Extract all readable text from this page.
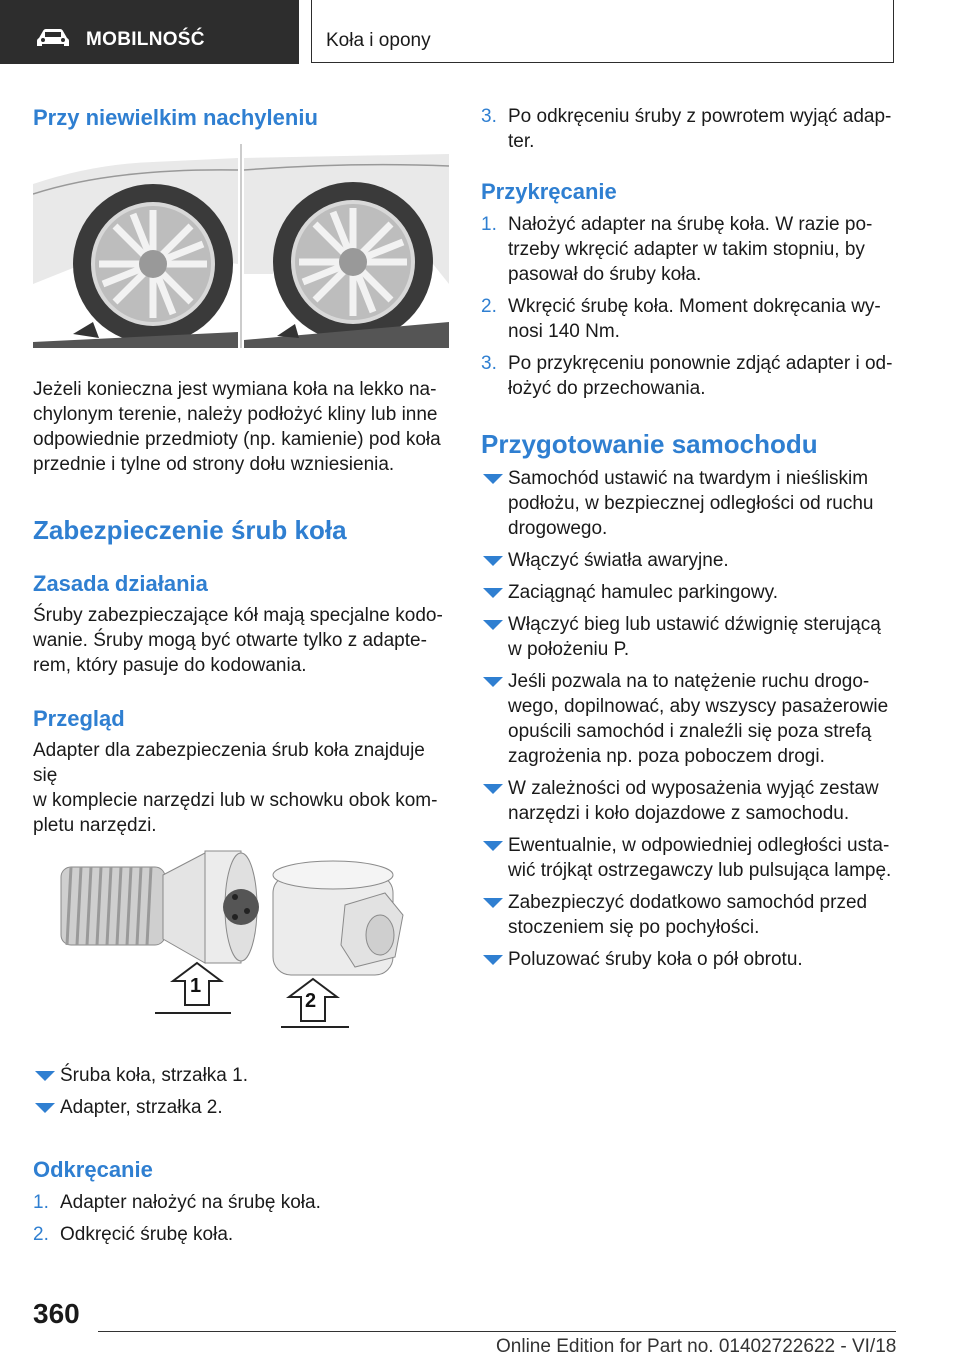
MOBILNOŚĆ	Koła i opony
Przy niewielkim nachyleniu

Jeżeli konieczna jest wymiana koła na lekko na-

chylonym terenie, należy podłożyć kliny lub inne

odpowiednie przedmioty (np. kamienie) pod koła

przednie i tylne od strony dołu wzniesienia.

Zabezpieczenie śrub koła
Zasada działania

Śruby zabezpieczające kół mają specjalne kodo-

wanie. Śruby mogą być otwarte tylko z adapte-

rem, który pasuje do kodowania.

Przegląd

Adapter dla zabezpieczenia śrub koła znajduje się

w komplecie narzędzi lub w schowku obok kom-

pletu narzędzi.

1
2
Śruba koła, strzałka 1.
Adapter, strzałka 2.
Odkręcanie
1. Adapter nałożyć na śrubę koła.
2. Odkręcić śrubę koła.
3. Po odkręceniu śruby z powrotem wyjąć adap-
ter.
Przykręcanie
1. Nałożyć adapter na śrubę koła. W razie po-
trzeby wkręcić adapter w takim stopniu, by
pasował do śruby koła.
2. Wkręcić śrubę koła. Moment dokręcania wy-
nosi 140 Nm.
3. Po przykręceniu ponownie zdjąć adapter i od-
łożyć do przechowania.
Przygotowanie samochodu
Samochód ustawić na twardym i nieśliskim
podłożu, w bezpiecznej odległości od ruchu
drogowego.
Włączyć światła awaryjne.
Zaciągnąć hamulec parkingowy.
Włączyć bieg lub ustawić dźwignię sterującą
w położeniu P.
Jeśli pozwala na to natężenie ruchu drogo-
wego, dopilnować, aby wszyscy pasażerowie
opuścili samochód i znaleźli się poza strefą
zagrożenia np. poza poboczem drogi.
W zależności od wyposażenia wyjąć zestaw
narzędzi i koło dojazdowe z samochodu.
Ewentualnie, w odpowiedniej odległości usta-
wić trójkąt ostrzegawczy lub pulsująca lampę.
Zabezpieczyć dodatkowo samochód przed
stoczeniem się po pochyłości.
Poluzować śruby koła o pół obrotu.
360
Online Edition for Part no. 01402722622 - VI/18
